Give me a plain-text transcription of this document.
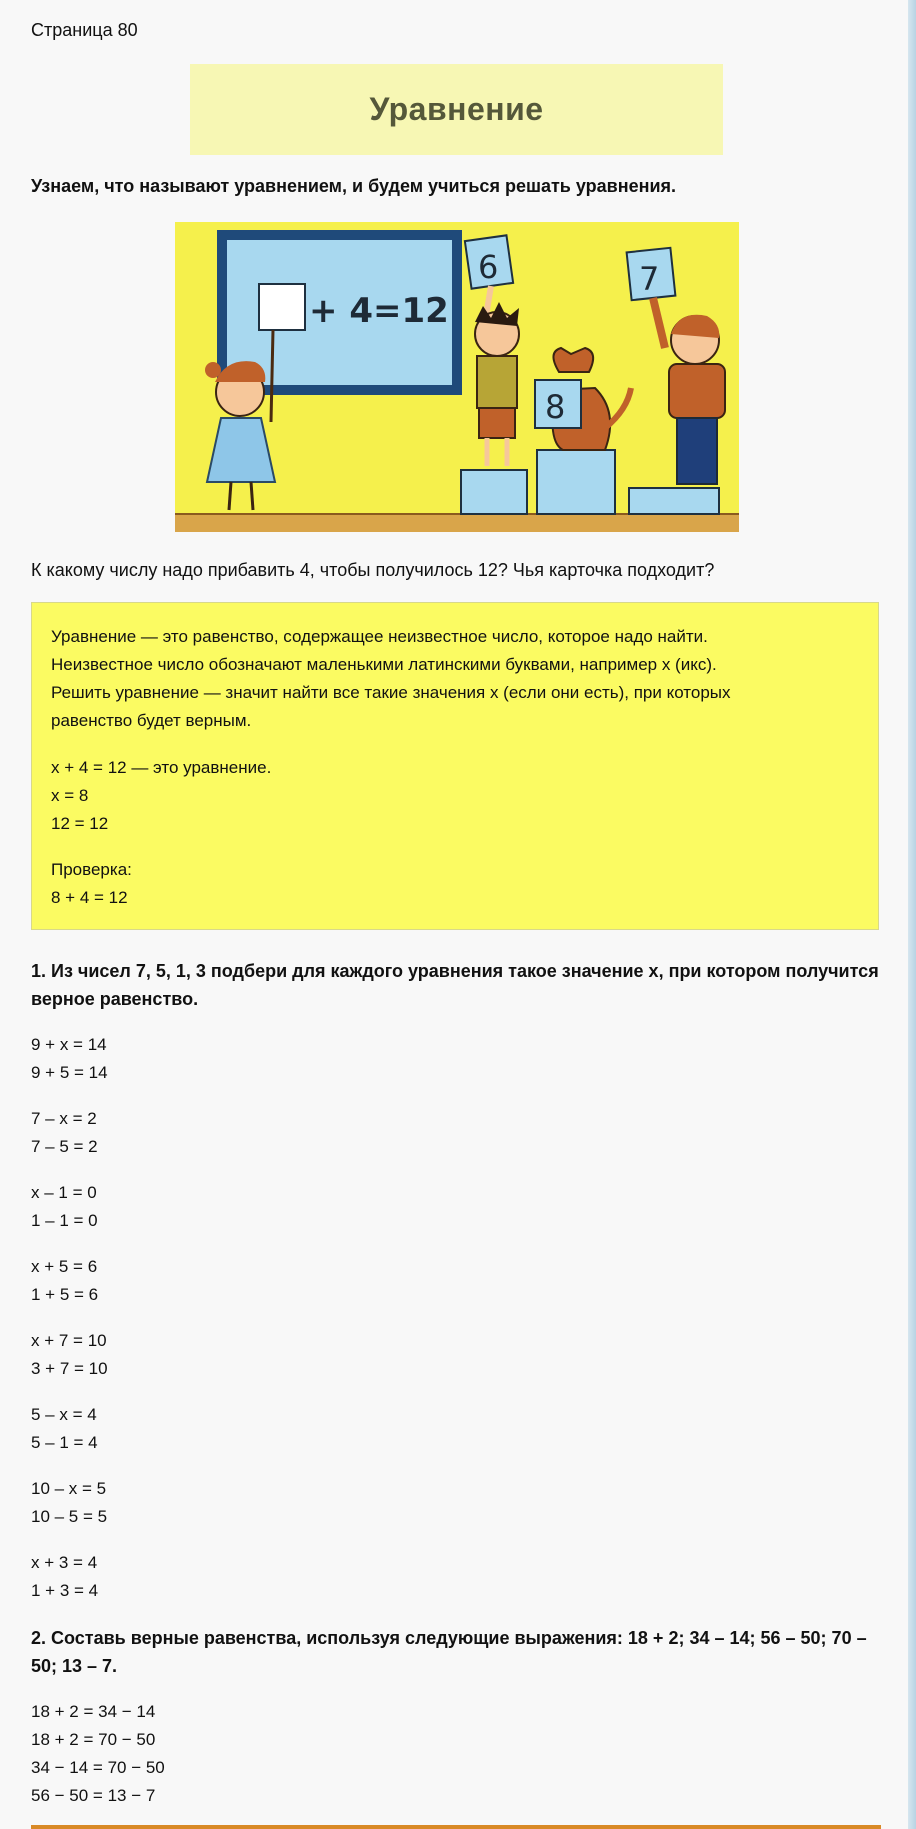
Страница 80
Уравнение
Узнаем, что называют уравнением, и будем учиться решать уравнения.
+ 4=12
6
8
7
К какому числу надо прибавить 4, чтобы получилось 12? Чья карточка подходит?
Уравнение — это равенство, содержащее неизвестное число, которое надо найти.
Неизвестное число обозначают маленькими латинскими буквами, например х (икс).
Решить уравнение — значит найти все такие значения х (если они есть), при которых
равенство будет верным.
x + 4 = 12 — это уравнение.
x = 8
12 = 12
Проверка:
8 + 4 = 12
1. Из чисел 7, 5, 1, 3 подбери для каждого уравнения такое значение х, при котором получится
верное равенство.
9 + x = 14
9 + 5 = 14
7 – x = 2
7 – 5 = 2
x – 1 = 0
1 – 1 = 0
x + 5 = 6
1 + 5 = 6
x + 7 = 10
3 + 7 = 10
5 – x = 4
5 – 1 = 4
10 – x = 5
10 – 5 = 5
x + 3 = 4
1 + 3 = 4
2. Составь верные равенства, используя следующие выражения: 18 + 2; 34 – 14; 56 – 50; 70 –
50; 13 – 7.
18 + 2 = 34 − 14
18 + 2 = 70 − 50
34 − 14 = 70 − 50
56 − 50 = 13 − 7
